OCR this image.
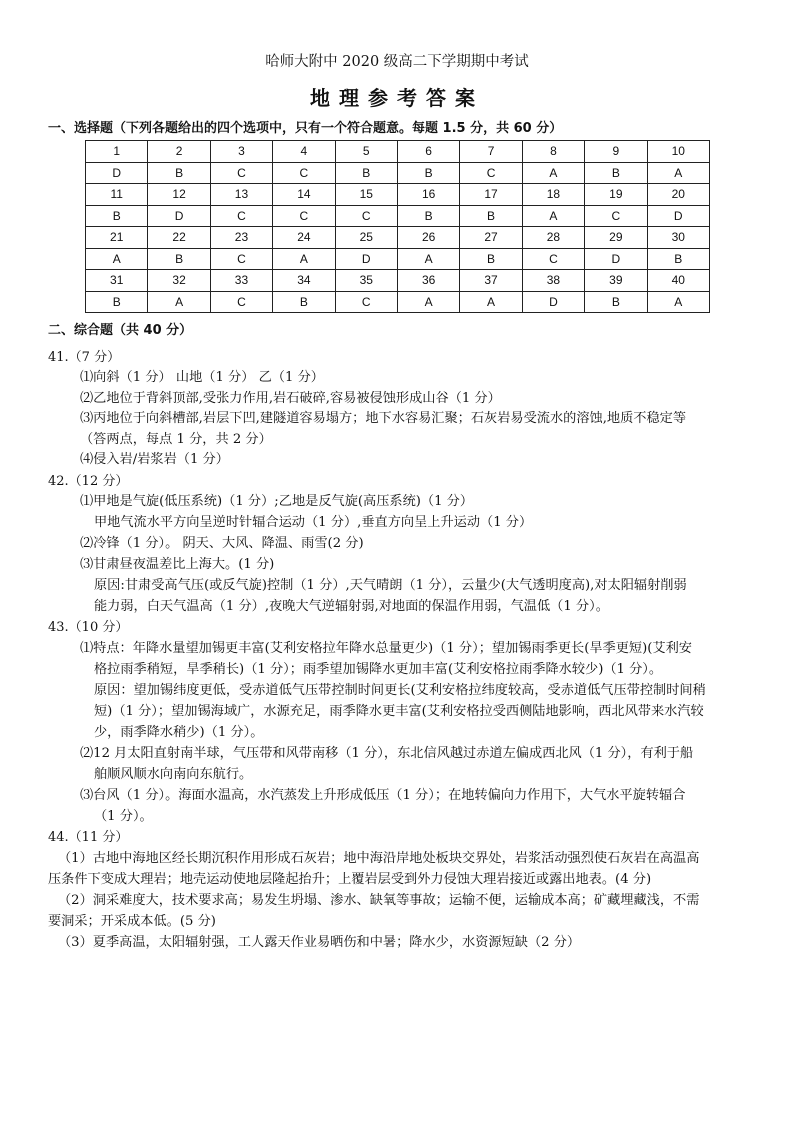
哈师大附中 2020 级高二下学期期中考试
地理参考答案
一、选择题（下列各题给出的四个选项中，只有一个符合题意。每题 1.5 分，共 60 分）
1	2	3	4	5	6	7	8	9	10
D	B	C	C	B	B	C	A	B	A
11	12	13	14	15	16	17	18	19	20
B	D	C	C	C	B	B	A	C	D
21	22	23	24	25	26	27	28	29	30
A	B	C	A	D	A	B	C	D	B
31	32	33	34	35	36	37	38	39	40
B	A	C	B	C	A	A	D	B	A
二、综合题（共 40 分）
41.（7 分）
⑴向斜（1 分） 山地（1 分） 乙（1 分）
⑵乙地位于背斜顶部,受张力作用,岩石破碎,容易被侵蚀形成山谷（1 分）
⑶丙地位于向斜槽部,岩层下凹,建隧道容易塌方；地下水容易汇聚；石灰岩易受流水的溶蚀,地质不稳定等
（答两点，每点 1 分，共 2 分）
⑷侵入岩/岩浆岩（1 分）
42.（12 分）
⑴甲地是气旋(低压系统)（1 分）;乙地是反气旋(高压系统)（1 分）
甲地气流水平方向呈逆时针辐合运动（1 分）,垂直方向呈上升运动（1 分）
⑵冷锋（1 分）。 阴天、大风、降温、雨雪(2 分)
⑶甘肃昼夜温差比上海大。(1 分)
原因:甘肃受高气压(或反气旋)控制（1 分）,天气晴朗（1 分），云量少(大气透明度高),对太阳辐射削弱
能力弱，白天气温高（1 分）,夜晚大气逆辐射弱,对地面的保温作用弱，气温低（1 分）。
43.（10 分）
⑴特点：年降水量望加锡更丰富(艾利安格拉年降水总量更少)（1 分）；望加锡雨季更长(旱季更短)(艾利安
格拉雨季稍短，旱季稍长)（1 分）；雨季望加锡降水更加丰富(艾利安格拉雨季降水较少)（1 分）。
原因：望加锡纬度更低，受赤道低气压带控制时间更长(艾利安格拉纬度较高，受赤道低气压带控制时间稍
短)（1 分）；望加锡海域广，水源充足，雨季降水更丰富(艾利安格拉受西侧陆地影响，西北风带来水汽较
少，雨季降水稍少)（1 分）。
⑵12 月太阳直射南半球，气压带和风带南移（1 分），东北信风越过赤道左偏成西北风（1 分），有利于船
舶顺风顺水向南向东航行。
⑶台风（1 分）。海面水温高，水汽蒸发上升形成低压（1 分）；在地转偏向力作用下，大气水平旋转辐合
（1 分）。
44.（11 分）
（1）古地中海地区经长期沉积作用形成石灰岩；地中海沿岸地处板块交界处，岩浆活动强烈使石灰岩在高温高
压条件下变成大理岩；地壳运动使地层隆起抬升；上覆岩层受到外力侵蚀大理岩接近或露出地表。(4 分)
（2）洞采难度大，技术要求高；易发生坍塌、渗水、缺氧等事故；运输不便，运输成本高；矿藏埋藏浅，不需
要洞采；开采成本低。(5 分)
（3）夏季高温，太阳辐射强，工人露天作业易晒伤和中暑；降水少，水资源短缺（2 分）
